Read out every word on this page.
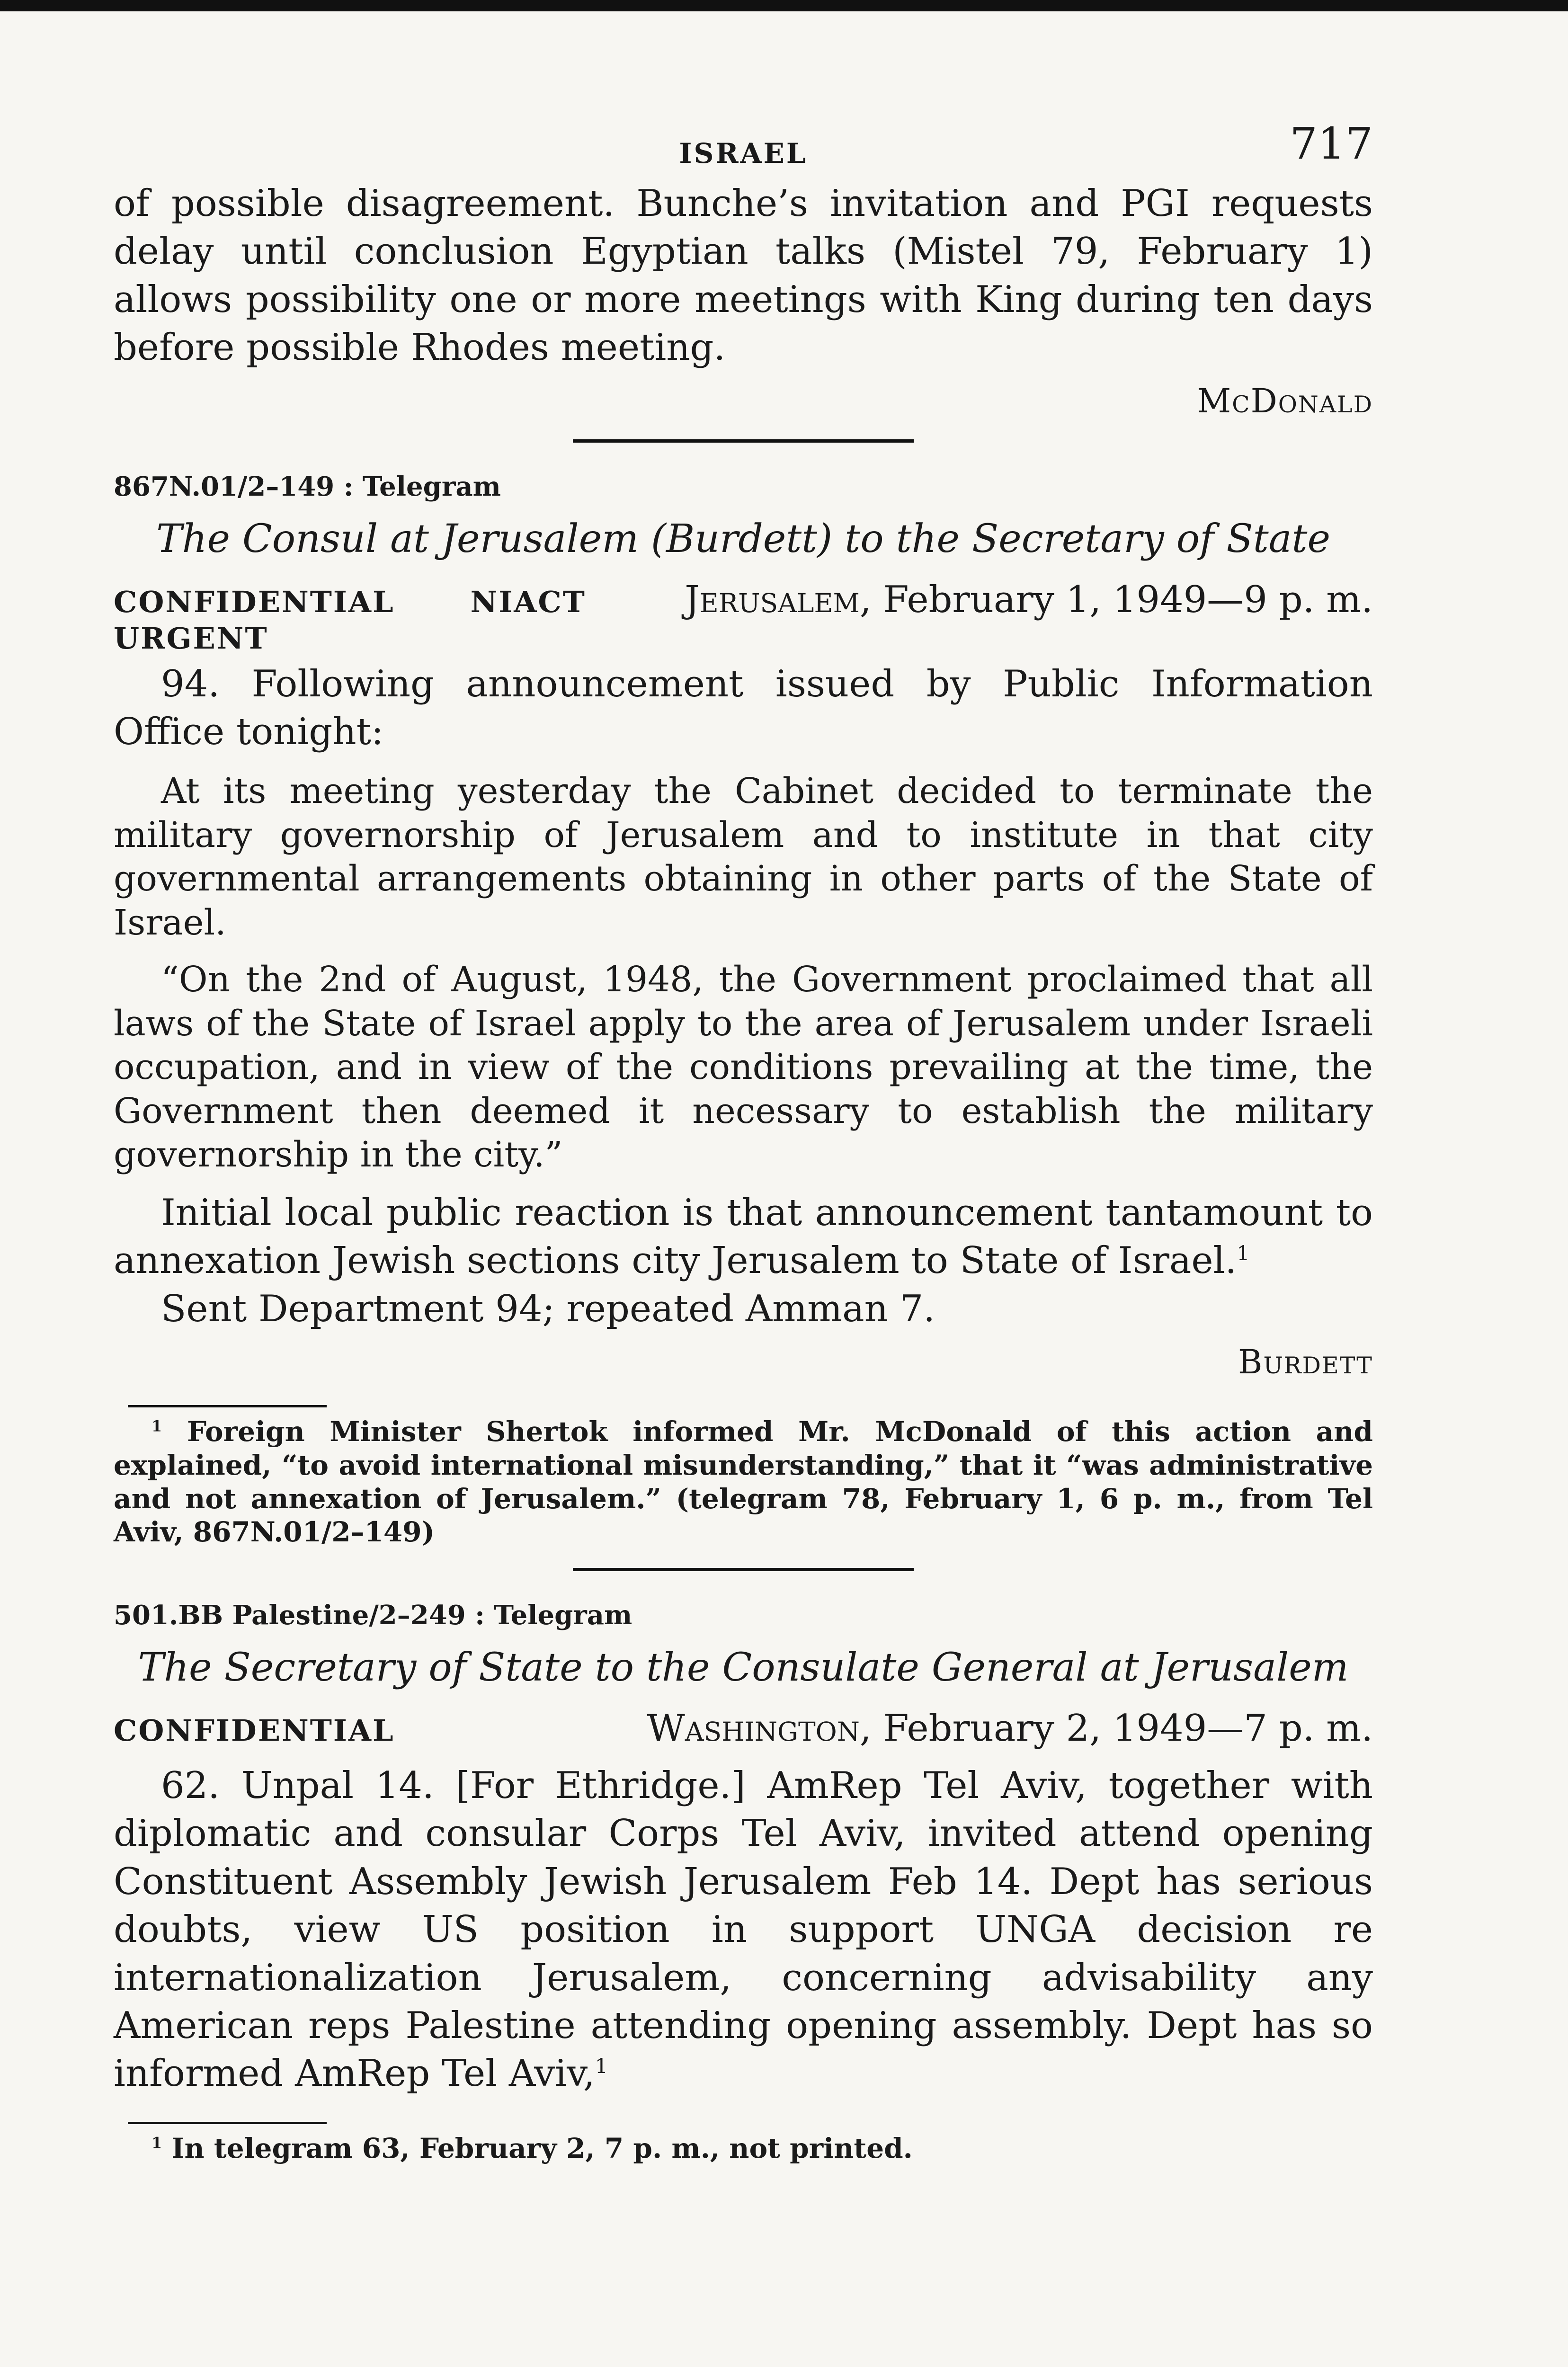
ISRAEL	717

of possible disagreement. Bunche’s invitation and PGI requests delay until conclusion Egyptian talks (Mistel 79, February 1) allows possibility one or more meetings with King during ten days before possible Rhodes meeting.

McDonald

867N.01/2–149 : Telegram

The Consul at Jerusalem (Burdett) to the Secretary of State

CONFIDENTIAL	NIACT	Jerusalem, February 1, 1949—9 p. m.

URGENT

94. Following announcement issued by Public Information Office tonight:

At its meeting yesterday the Cabinet decided to terminate the military governorship of Jerusalem and to institute in that city governmental arrangements obtaining in other parts of the State of Israel.

“On the 2nd of August, 1948, the Government proclaimed that all laws of the State of Israel apply to the area of Jerusalem under Israeli occupation, and in view of the conditions prevailing at the time, the Government then deemed it necessary to establish the military governorship in the city.”

Initial local public reaction is that announcement tantamount to annexation Jewish sections city Jerusalem to State of Israel.$^1$

Sent Department 94; repeated Amman 7.

Burdett

$^1$ Foreign Minister Shertok informed Mr. McDonald of this action and explained, “to avoid international misunderstanding,” that it “was administrative and not annexation of Jerusalem.” (telegram 78, February 1, 6 p. m., from Tel Aviv, 867N.01/2–149)

501.BB Palestine/2–249 : Telegram

The Secretary of State to the Consulate General at Jerusalem

CONFIDENTIAL	Washington, February 2, 1949—7 p. m.

62. Unpal 14. [For Ethridge.] AmRep Tel Aviv, together with diplomatic and consular Corps Tel Aviv, invited attend opening Constituent Assembly Jewish Jerusalem Feb 14. Dept has serious doubts, view US position in support UNGA decision re internationalization Jerusalem, concerning advisability any American reps Palestine attending opening assembly. Dept has so informed AmRep Tel Aviv,$^1$

$^1$ In telegram 63, February 2, 7 p. m., not printed.
